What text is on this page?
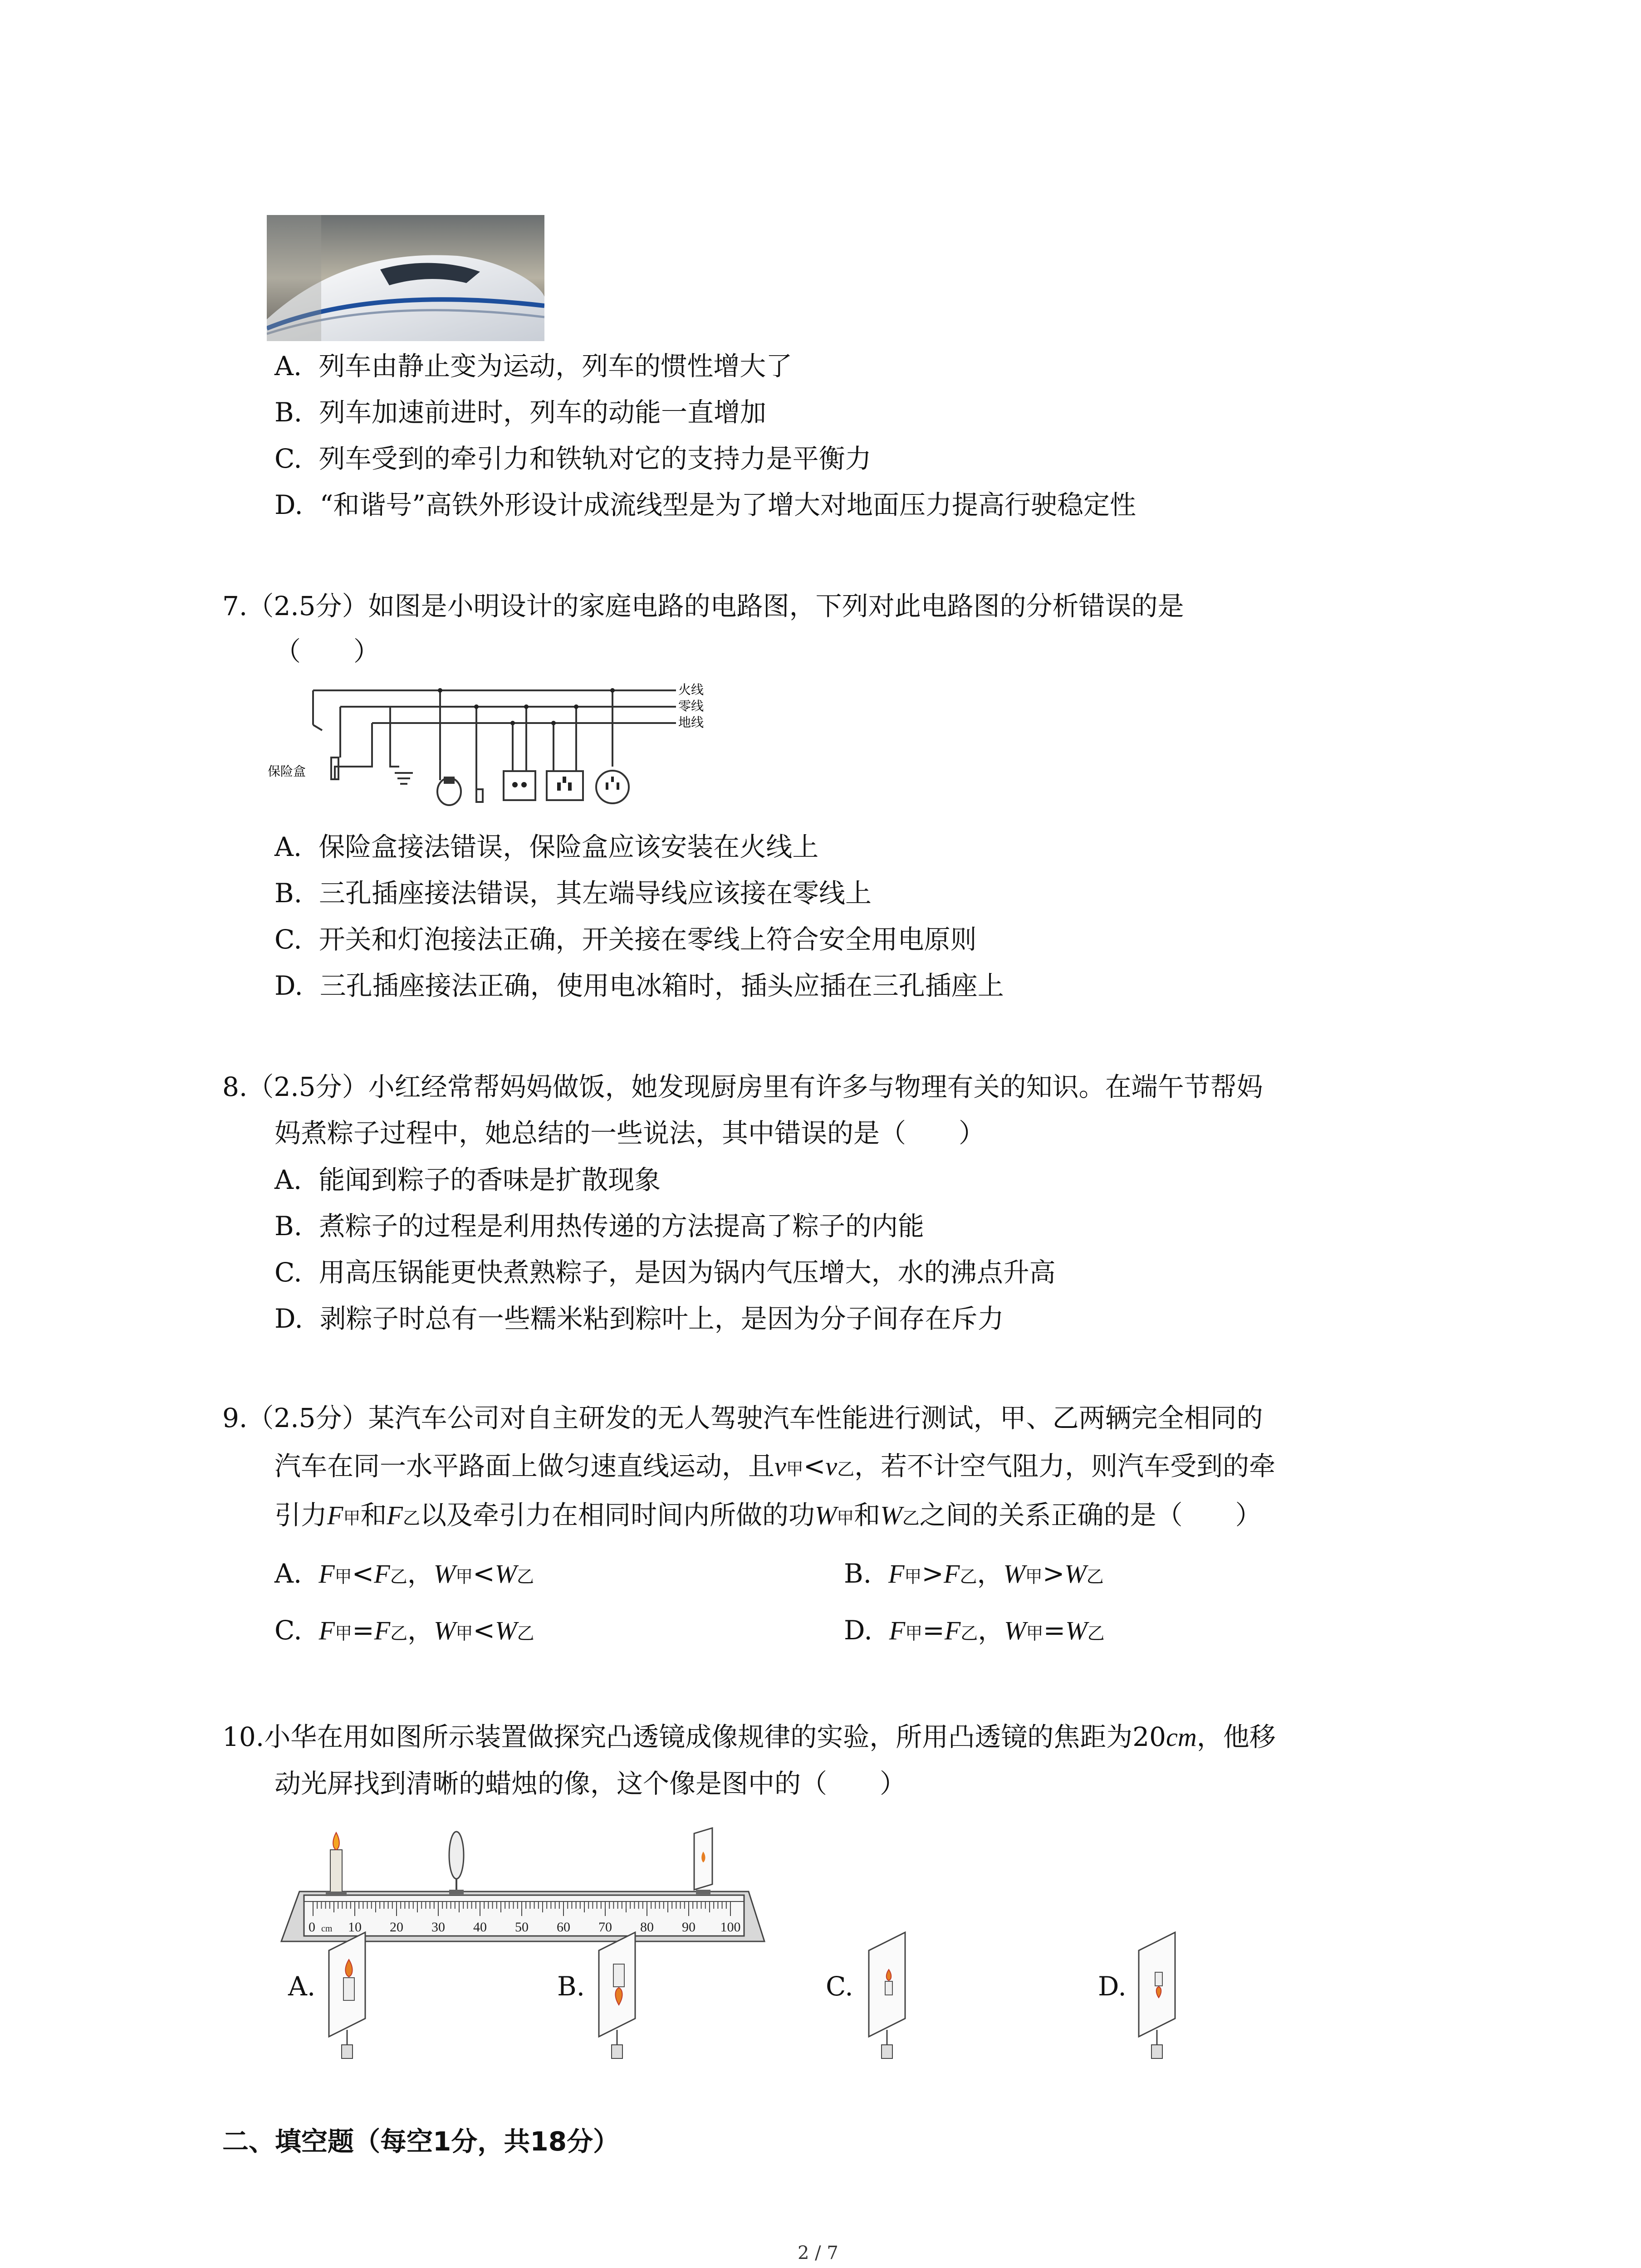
A. 列车由静止变为运动，列车的惯性增大了
B. 列车加速前进时，列车的动能一直增加
C. 列车受到的牵引力和铁轨对它的支持力是平衡力
D. “和谐号”高铁外形设计成流线型是为了增大对地面压力提高行驶稳定性
7.（2.5分）如图是小明设计的家庭电路的电路图，下列对此电路图的分析错误的是
（　　）
火线
零线
地线
保险盒
A. 保险盒接法错误，保险盒应该安装在火线上
B. 三孔插座接法错误，其左端导线应该接在零线上
C. 开关和灯泡接法正确，开关接在零线上符合安全用电原则
D. 三孔插座接法正确，使用电冰箱时，插头应插在三孔插座上
8.（2.5分）小红经常帮妈妈做饭，她发现厨房里有许多与物理有关的知识。在端午节帮妈
妈煮粽子过程中，她总结的一些说法，其中错误的是（　　）
A. 能闻到粽子的香味是扩散现象
B. 煮粽子的过程是利用热传递的方法提高了粽子的内能
C. 用高压锅能更快煮熟粽子，是因为锅内气压增大，水的沸点升高
D. 剥粽子时总有一些糯米粘到粽叶上，是因为分子间存在斥力
9.（2.5分）某汽车公司对自主研发的无人驾驶汽车性能进行测试，甲、乙两辆完全相同的
汽车在同一水平路面上做匀速直线运动，且v甲<v乙，若不计空气阻力，则汽车受到的牵
引力F甲和F乙以及牵引力在相同时间内所做的功W甲和W乙之间的关系正确的是（　　）
A. F甲<F乙，W甲<W乙	B. F甲>F乙，W甲>W乙
C. F甲=F乙，W甲<W乙	D. F甲=F乙，W甲=W乙
10.小华在用如图所示装置做探究凸透镜成像规律的实验，所用凸透镜的焦距为20cm，他移
动光屏找到清晰的蜡烛的像，这个像是图中的（　　）
0 cm 10 20 30 40 50 60 70 80 90 100
A.	B.	C.	D.
二、填空题（每空1分，共18分）
2 / 7
